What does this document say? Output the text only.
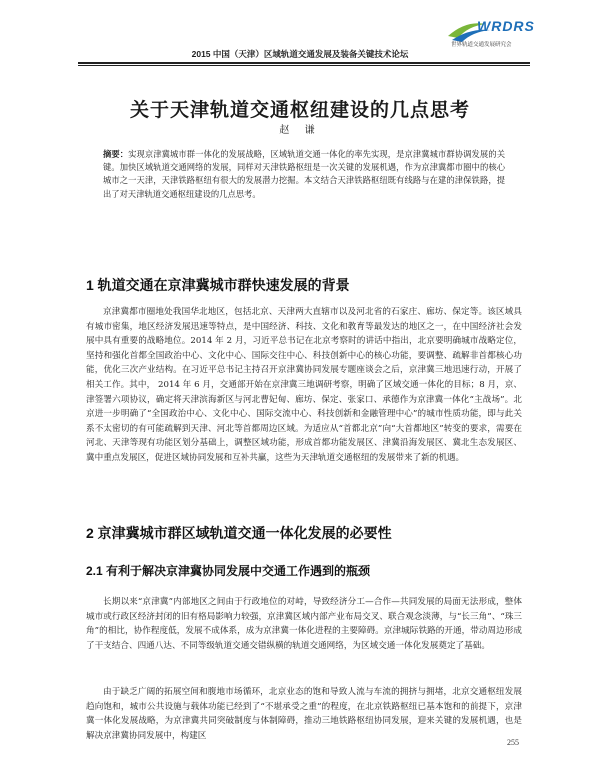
WRDRS
世界轨道交通发展研究会
2015 中国（天津）区域轨道交通发展及装备关键技术论坛
关于天津轨道交通枢纽建设的几点思考
赵 谦
摘要：实现京津冀城市群一体化的发展战略，区域轨道交通一体化的率先实现，是京津冀城市群协调发展的关键。加快区域轨道交通网络的发展，同样对天津铁路枢纽是一次关键的发展机遇，作为京津冀都市圈中的核心城市之一天津，天津铁路枢纽有很大的发展潜力挖掘。本文结合天津铁路枢纽既有线路与在建的津保铁路，提出了对天津轨道交通枢纽建设的几点思考。
1 轨道交通在京津冀城市群快速发展的背景
京津冀都市圈地处我国华北地区，包括北京、天津两大直辖市以及河北省的石家庄、廊坊、保定等。该区域具有城市密集，地区经济发展迅速等特点，是中国经济、科技、文化和教育等最发达的地区之一，在中国经济社会发展中具有重要的战略地位。2014 年 2 月，习近平总书记在北京考察时的讲话中指出，北京要明确城市战略定位，坚持和强化首都全国政治中心、文化中心、国际交往中心、科技创新中心的核心功能，要调整、疏解非首都核心功能，优化三次产业结构。在习近平总书记主持召开京津冀协同发展专题座谈会之后，京津冀三地迅速行动，开展了相关工作。其中， 2014 年 6 月，交通部开始在京津冀三地调研考察，明确了区域交通一体化的目标；8 月，京、津签署六项协议，确定将天津滨海新区与河北曹妃甸、廊坊、保定、张家口、承德作为京津冀一体化“主战场”。北京进一步明确了“全国政治中心、文化中心、国际交流中心、科技创新和金融管理中心”的城市性质功能，即与此关系不太密切的有可能疏解到天津、河北等首都周边区域。为适应从“首都北京”向“大首都地区”转变的要求，需要在河北、天津等现有功能区划分基础上，调整区域功能，形成首都功能发展区、津冀沿海发展区、冀北生态发展区、冀中重点发展区，促进区域协同发展和互补共赢，这些为天津轨道交通枢纽的发展带来了新的机遇。
2 京津冀城市群区域轨道交通一体化发展的必要性
2.1 有利于解决京津冀协同发展中交通工作遇到的瓶颈
长期以来“京津冀”内部地区之间由于行政地位的对峙，导致经济分工—合作—共同发展的局面无法形成，整体城市或行政区经济封闭的旧有格局影响力较强，京津冀区域内部产业布局交叉、联合观念淡薄，与“长三角”、“珠三角”的相比，协作程度低，发展不成体系，成为京津冀一体化进程的主要障碍。京津城际铁路的开通，带动周边形成了干支结合、四通八达、不同等级轨道交通交错纵横的轨道交通网络，为区域交通一体化发展奠定了基础。
由于缺乏广阔的拓展空间和腹地市场循环，北京业态的饱和导致人流与车流的拥挤与拥堵，北京交通枢纽发展趋向饱和，城市公共设施与载体功能已经到了“不堪承受之重”的程度，在北京铁路枢纽已基本饱和的前提下，京津冀一体化发展战略，为京津冀共同突破制度与体制障碍，推动三地铁路枢纽协同发展，迎来关键的发展机遇，也是解决京津冀协同发展中，构建区
255
